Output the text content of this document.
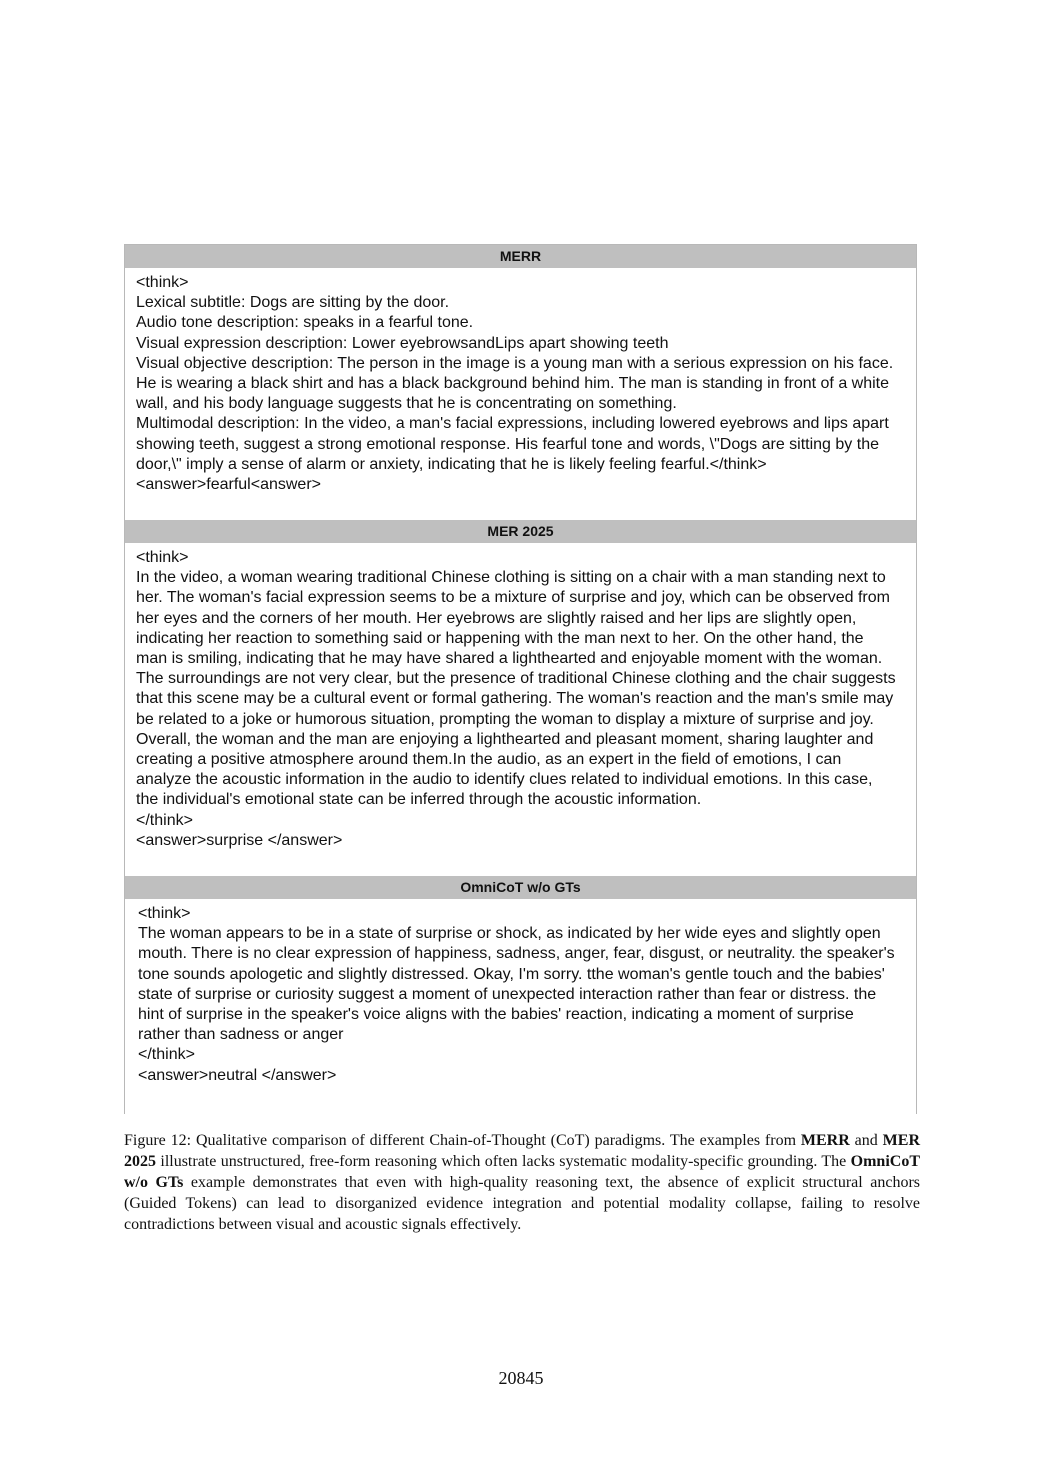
MERR
<think>
Lexical subtitle: Dogs are sitting by the door.
Audio tone description: speaks in a fearful tone.
Visual expression description: Lower eyebrowsandLips apart showing teeth
Visual objective description: The person in the image is a young man with a serious expression on his face. He is wearing a black shirt and has a black background behind him. The man is standing in front of a white wall, and his body language suggests that he is concentrating on something.
Multimodal description: In the video, a man's facial expressions, including lowered eyebrows and lips apart showing teeth, suggest a strong emotional response. His fearful tone and words, \"Dogs are sitting by the door,\" imply a sense of alarm or anxiety, indicating that he is likely feeling fearful.</think>
<answer>fearful<answer>
MER 2025
<think>
In the video, a woman wearing traditional Chinese clothing is sitting on a chair with a man standing next to her. The woman's facial expression seems to be a mixture of surprise and joy, which can be observed from her eyes and the corners of her mouth. Her eyebrows are slightly raised and her lips are slightly open, indicating her reaction to something said or happening with the man next to her. On the other hand, the man is smiling, indicating that he may have shared a lighthearted and enjoyable moment with the woman. The surroundings are not very clear, but the presence of traditional Chinese clothing and the chair suggests that this scene may be a cultural event or formal gathering. The woman's reaction and the man's smile may be related to a joke or humorous situation, prompting the woman to display a mixture of surprise and joy. Overall, the woman and the man are enjoying a lighthearted and pleasant moment, sharing laughter and creating a positive atmosphere around them.In the audio, as an expert in the field of emotions, I can analyze the acoustic information in the audio to identify clues related to individual emotions. In this case, the individual's emotional state can be inferred through the acoustic information.
</think>
<answer>surprise </answer>
OmniCoT w/o GTs
<think>
The woman appears to be in a state of surprise or shock, as indicated by her wide eyes and slightly open mouth. There is no clear expression of happiness, sadness, anger, fear, disgust, or neutrality. the speaker's tone sounds apologetic and slightly distressed. Okay, I'm sorry. tthe woman's gentle touch and the babies' state of surprise or curiosity suggest a moment of unexpected interaction rather than fear or distress. the hint of surprise in the speaker's voice aligns with the babies' reaction, indicating a moment of surprise rather than sadness or anger
</think>
<answer>neutral </answer>
Figure 12: Qualitative comparison of different Chain-of-Thought (CoT) paradigms. The examples from MERR and MER 2025 illustrate unstructured, free-form reasoning which often lacks systematic modality-specific grounding. The OmniCoT w/o GTs example demonstrates that even with high-quality reasoning text, the absence of explicit structural anchors (Guided Tokens) can lead to disorganized evidence integration and potential modality collapse, failing to resolve contradictions between visual and acoustic signals effectively.
20845
